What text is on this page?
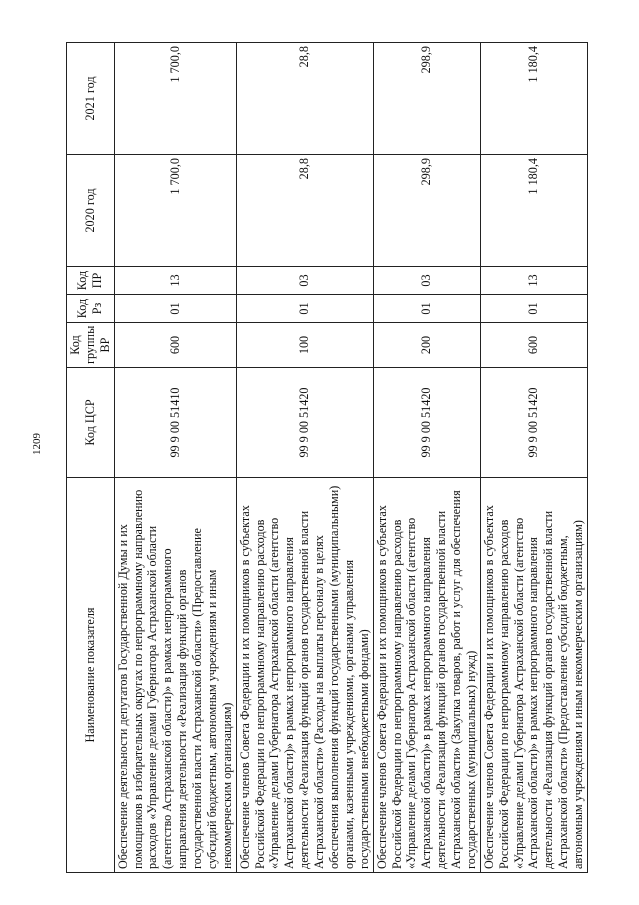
1209
Наименование показателя	Код ЦСР	Код группы ВР	Код Рз	Код ПР	2020 год	2021 год
Обеспечение деятельности депутатов Государственной Думы и их помощников в избирательных округах по непрограммному направлению расходов «Управление делами Губернатора Астраханской области (агентство Астраханской области)» в рамках непрограммного направления деятельности «Реализация функций органов государственной власти Астраханской области» (Предоставление субсидий бюджетным, автономным учреждениям и иным некоммерческим организациям)	99 9 00 51410	600	01	13	1 700,0	1 700,0
Обеспечение членов Совета Федерации и их помощников в субъектах Российской Федерации по непрограммному направлению расходов «Управление делами Губернатора Астраханской области (агентство Астраханской области)» в рамках непрограммного направления деятельности «Реализация функций органов государственной власти Астраханской области» (Расходы на выплаты персоналу в целях обеспечения выполнения функций государственными (муниципальными) органами, казенными учреждениями, органами управления государственными внебюджетными фондами)	99 9 00 51420	100	01	03	28,8	28,8
Обеспечение членов Совета Федерации и их помощников в субъектах Российской Федерации по непрограммному направлению расходов «Управление делами Губернатора Астраханской области (агентство Астраханской области)» в рамках непрограммного направления деятельности «Реализация функций органов государственной власти Астраханской области» (Закупка товаров, работ и услуг для обеспечения государственных (муниципальных) нужд)	99 9 00 51420	200	01	03	298,9	298,9
Обеспечение членов Совета Федерации и их помощников в субъектах Российской Федерации по непрограммному направлению расходов «Управление делами Губернатора Астраханской области (агентство Астраханской области)» в рамках непрограммного направления деятельности «Реализация функций органов государственной власти Астраханской области» (Предоставление субсидий бюджетным, автономным учреждениям и иным некоммерческим организациям)	99 9 00 51420	600	01	13	1 180,4	1 180,4
